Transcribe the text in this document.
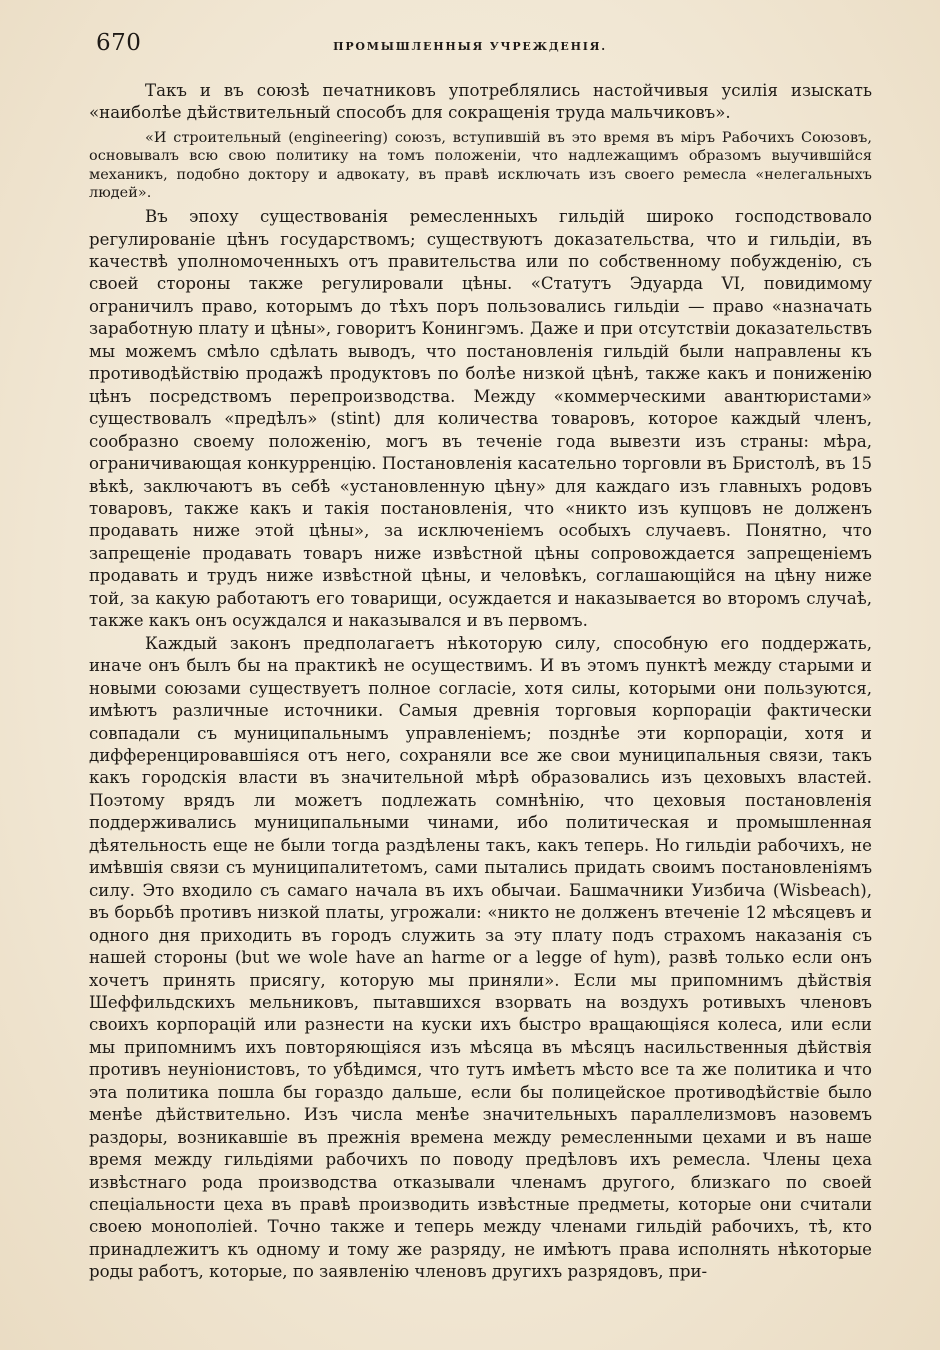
670	ПРОМЫШЛЕННЫЯ УЧРЕЖДЕНІЯ.

Такъ и въ союзѣ печатниковъ употреблялись настойчивыя усилія изыскать «наиболѣе дѣйствительный способъ для сокращенія труда мальчиковъ».

«И строительный (engineering) союзъ, вступившій въ это время въ міръ Рабочихъ Союзовъ, основывалъ всю свою политику на томъ положеніи, что надлежащимъ образомъ выучившійся механикъ, подобно доктору и адвокату, въ правѣ исключать изъ своего ремесла «нелегальныхъ людей».

Въ эпоху существованія ремесленныхъ гильдій широко господствовало регулированіе цѣнъ государствомъ; существуютъ доказательства, что и гильдіи, въ качествѣ уполномоченныхъ отъ правительства или по собственному побужденію, съ своей стороны также регулировали цѣны. «Статутъ Эдуарда VI, повидимому ограничилъ право, которымъ до тѣхъ поръ пользовались гильдіи — право «назначать заработную плату и цѣны», говоритъ Конингэмъ. Даже и при отсутствіи доказательствъ мы можемъ смѣло сдѣлать выводъ, что постановленія гильдій были направлены къ противодѣйствію продажѣ продуктовъ по болѣе низкой цѣнѣ, также какъ и пониженію цѣнъ посредствомъ перепроизводства. Между «коммерческими авантюристами» существовалъ «предѣлъ» (stint) для количества товаровъ, которое каждый членъ, сообразно своему положенію, могъ въ теченіе года вывезти изъ страны: мѣра, ограничивающая конкурренцію. Постановленія касательно торговли въ Бристолѣ, въ 15 вѣкѣ, заключаютъ въ себѣ «установленную цѣну» для каждаго изъ главныхъ родовъ товаровъ, также какъ и такія постановленія, что «никто изъ купцовъ не долженъ продавать ниже этой цѣны», за исключеніемъ особыхъ случаевъ. Понятно, что запрещеніе продавать товаръ ниже извѣстной цѣны сопровождается запрещеніемъ продавать и трудъ ниже извѣстной цѣны, и человѣкъ, соглашающійся на цѣну ниже той, за какую работаютъ его товарищи, осуждается и наказывается во второмъ случаѣ, также какъ онъ осуждался и наказывался и въ первомъ.

Каждый законъ предполагаетъ нѣкоторую силу, способную его поддержать, иначе онъ былъ бы на практикѣ не осуществимъ. И въ этомъ пунктѣ между старыми и новыми союзами существуетъ полное согласіе, хотя силы, которыми они пользуются, имѣютъ различные источники. Самыя древнія торговыя корпораціи фактически совпадали съ муниципальнымъ управленіемъ; позднѣе эти корпораціи, хотя и дифференцировавшіяся отъ него, сохраняли все же свои муниципальныя связи, такъ какъ городскія власти въ значительной мѣрѣ образовались изъ цеховыхъ властей. Поэтому врядъ ли можетъ подлежать сомнѣнію, что цеховыя постановленія поддерживались муниципальными чинами, ибо политическая и промышленная дѣятельность еще не были тогда раздѣлены такъ, какъ теперь. Но гильдіи рабочихъ, не имѣвшія связи съ муниципалитетомъ, сами пытались придать своимъ постановленіямъ силу. Это входило съ самаго начала въ ихъ обычаи. Башмачники Уизбича (Wisbeach), въ борьбѣ противъ низкой платы, угрожали: «никто не долженъ втеченіе 12 мѣсяцевъ и одного дня приходить въ городъ служить за эту плату подъ страхомъ наказанія съ нашей стороны (but we wole have an harme or a legge of hym), развѣ только если онъ хочетъ принять присягу, которую мы приняли». Если мы припомнимъ дѣйствія Шеффильдскихъ мельниковъ, пытавшихся взорвать на воздухъ ротивыхъ членовъ своихъ корпорацій или разнести на куски ихъ быстро вращающіяся колеса, или если мы припомнимъ ихъ повторяющіяся изъ мѣсяца въ мѣсяцъ насильственныя дѣйствія противъ неуніонистовъ, то убѣдимся, что тутъ имѣетъ мѣсто все та же политика и что эта политика пошла бы гораздо дальше, если бы полицейское противодѣйствіе было менѣе дѣйствительно. Изъ числа менѣе значительныхъ параллелизмовъ назовемъ раздоры, возникавшіе въ прежнія времена между ремесленными цехами и въ наше время между гильдіями рабочихъ по поводу предѣловъ ихъ ремесла. Члены цеха извѣстнаго рода производства отказывали членамъ другого, близкаго по своей спеціальности цеха въ правѣ производить извѣстные предметы, которые они считали своею монополіей. Точно также и теперь между членами гильдій рабочихъ, тѣ, кто принадлежитъ къ одному и тому же разряду, не имѣютъ права исполнять нѣкоторые роды работъ, которые, по заявленію членовъ другихъ разрядовъ, при-
